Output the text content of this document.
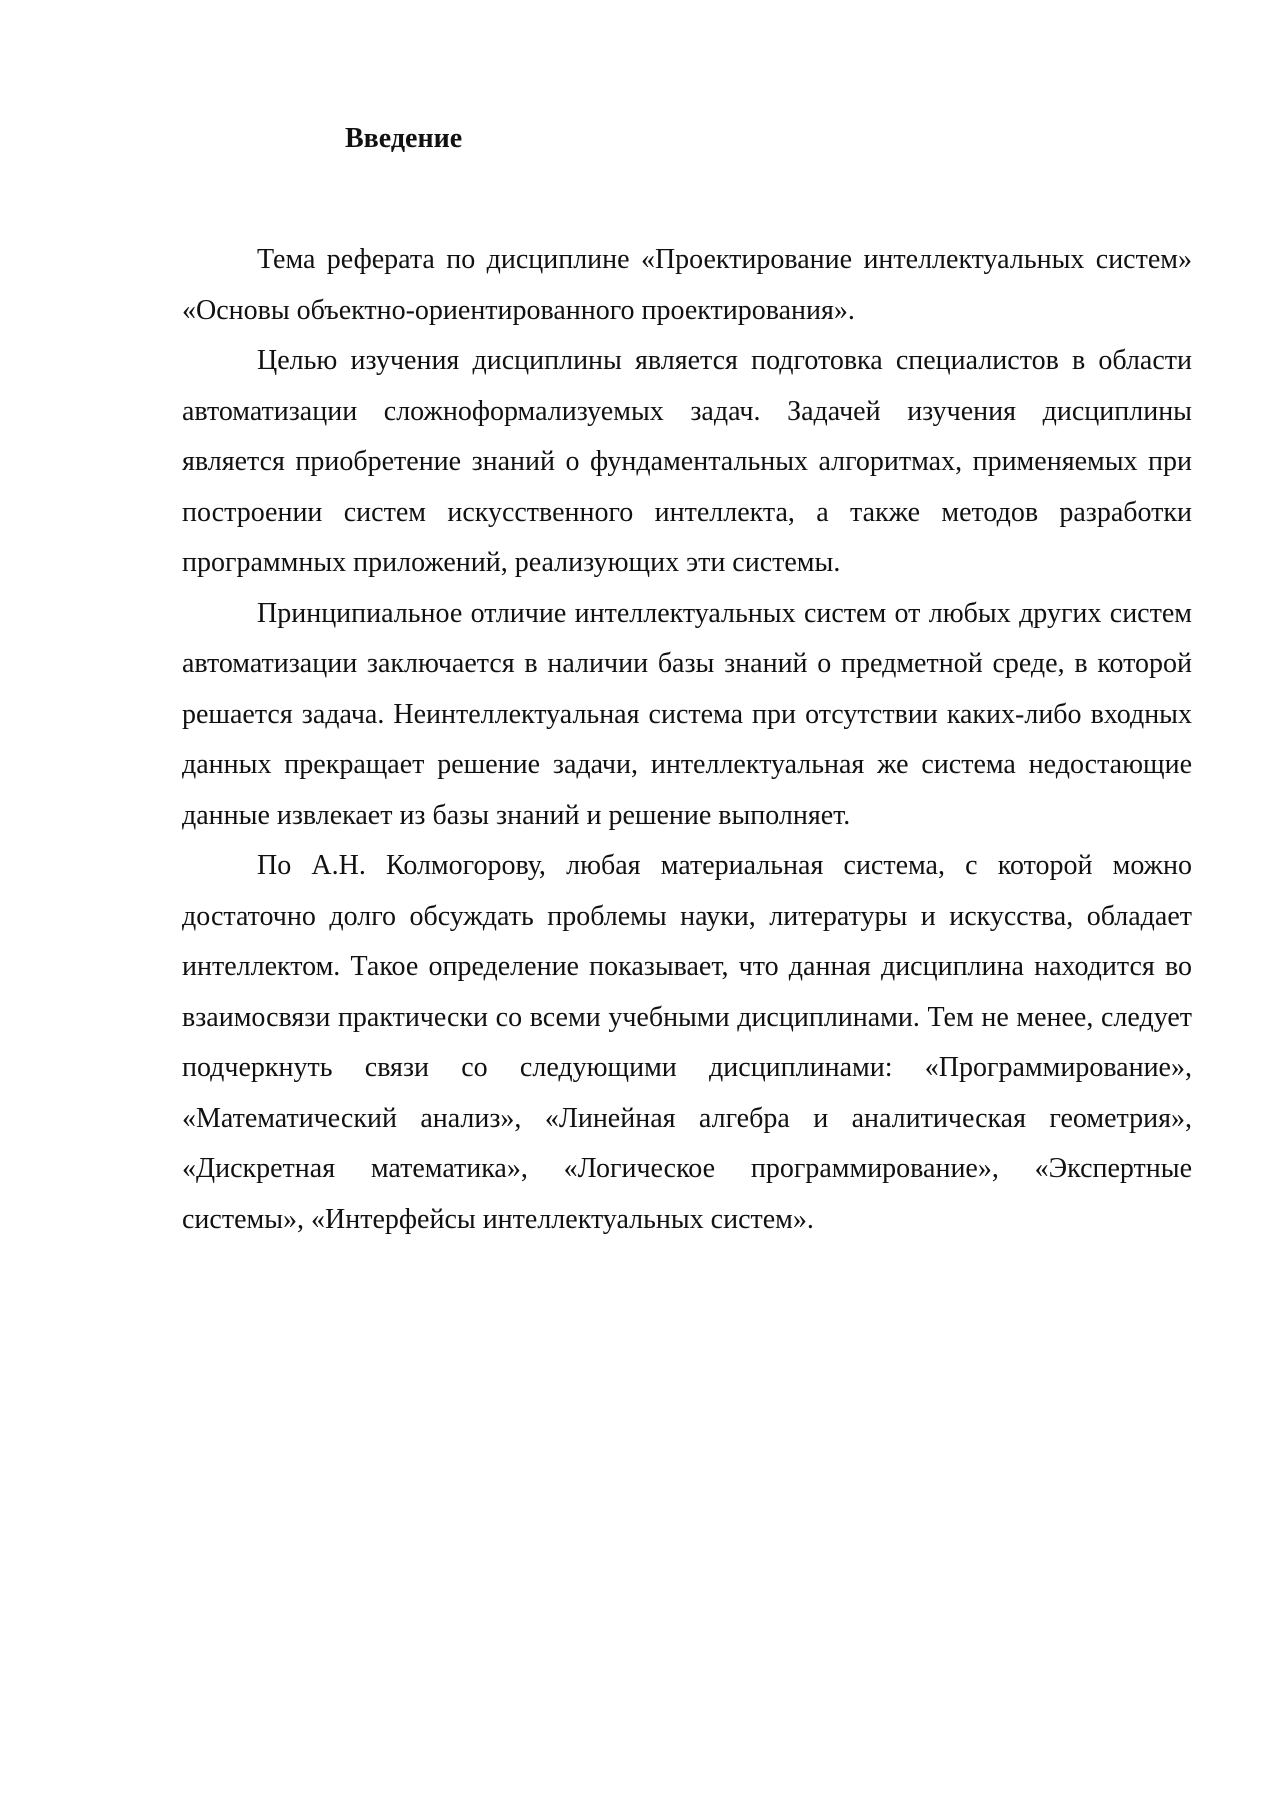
Введение

Тема реферата по дисциплине «Проектирование интеллектуальных систем» «Основы объектно-ориентированного проектирования».

Целью изучения дисциплины является подготовка специалистов в области автоматизации сложноформализуемых задач. Задачей изучения дисциплины является приобретение знаний о фундаментальных алгоритмах, применяемых при построении систем искусственного интеллекта, а также методов разработки программных приложений, реализующих эти системы.

Принципиальное отличие интеллектуальных систем от любых других систем автоматизации заключается в наличии базы знаний о предметной среде, в которой решается задача. Неинтеллектуальная система при отсутствии каких-либо входных данных прекращает решение задачи, интеллектуальная же система недостающие данные извлекает из базы знаний и решение выполняет.

По А.Н. Колмогорову, любая материальная система, с которой можно достаточно долго обсуждать проблемы науки, литературы и искусства, обладает интеллектом. Такое определение показывает, что данная дисциплина находится во взаимосвязи практически со всеми учебными дисциплинами. Тем не менее, следует подчеркнуть связи со следующими дисциплинами: «Программирование», «Математический анализ», «Линейная алгебра и аналитическая геометрия», «Дискретная математика», «Логическое программирование», «Экспертные системы», «Интерфейсы интеллектуальных систем».
